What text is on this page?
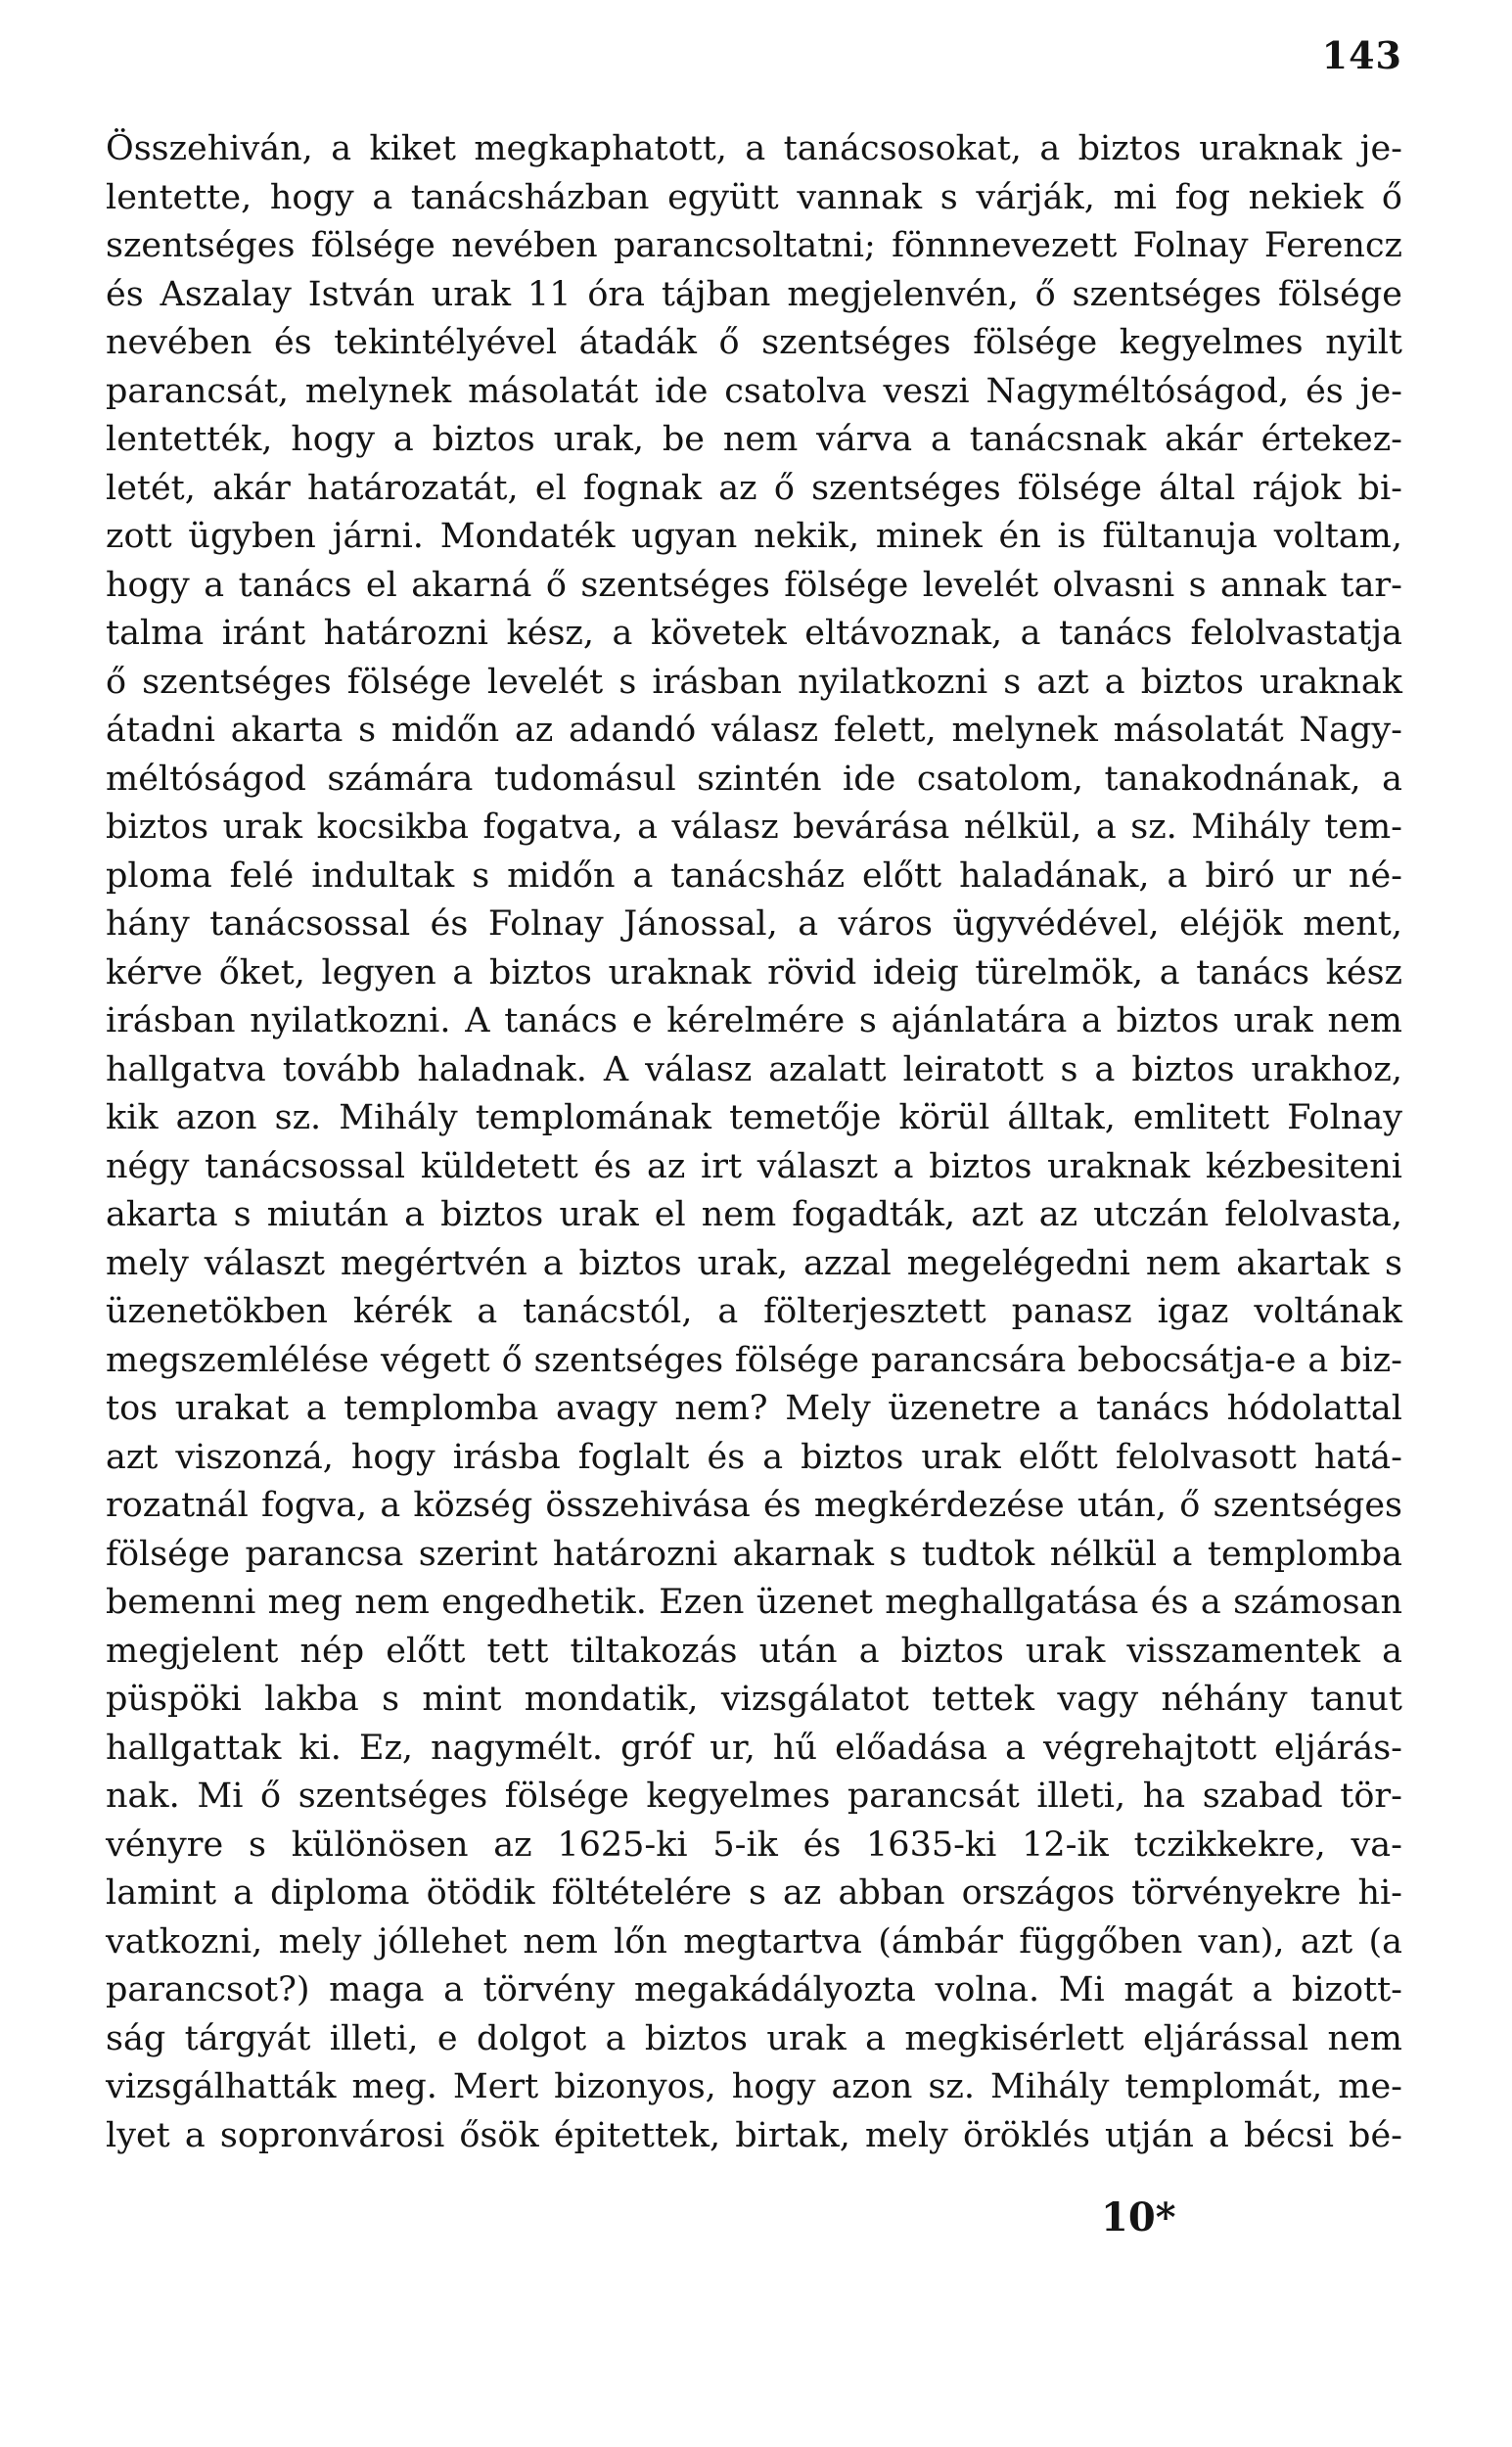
143
Összehiván, a kiket megkaphatott, a tanácsosokat, a biztos uraknak je-
lentette, hogy a tanácsházban együtt vannak s várják, mi fog nekiek ő
szentséges fölsége nevében parancsoltatni; fönnnevezett Folnay Ferencz
és Aszalay István urak 11 óra tájban megjelenvén, ő szentséges fölsége
nevében és tekintélyével átadák ő szentséges fölsége kegyelmes nyilt
parancsát, melynek másolatát ide csatolva veszi Nagyméltóságod, és je-
lentették, hogy a biztos urak, be nem várva a tanácsnak akár értekez-
letét, akár határozatát, el fognak az ő szentséges fölsége által rájok bi-
zott ügyben járni. Mondaték ugyan nekik, minek én is fültanuja voltam,
hogy a tanács el akarná ő szentséges fölsége levelét olvasni s annak tar-
talma iránt határozni kész, a követek eltávoznak, a tanács felolvastatja
ő szentséges fölsége levelét s irásban nyilatkozni s azt a biztos uraknak
átadni akarta s midőn az adandó válasz felett, melynek másolatát Nagy-
méltóságod számára tudomásul szintén ide csatolom, tanakodnának, a
biztos urak kocsikba fogatva, a válasz bevárása nélkül, a sz. Mihály tem-
ploma felé indultak s midőn a tanácsház előtt haladának, a biró ur né-
hány tanácsossal és Folnay Jánossal, a város ügyvédével, eléjök ment,
kérve őket, legyen a biztos uraknak rövid ideig türelmök, a tanács kész
irásban nyilatkozni. A tanács e kérelmére s ajánlatára a biztos urak nem
hallgatva tovább haladnak. A válasz azalatt leiratott s a biztos urakhoz,
kik azon sz. Mihály templomának temetője körül álltak, emlitett Folnay
négy tanácsossal küldetett és az irt választ a biztos uraknak kézbesiteni
akarta s miután a biztos urak el nem fogadták, azt az utczán felolvasta,
mely választ megértvén a biztos urak, azzal megelégedni nem akartak s
üzenetökben kérék a tanácstól, a fölterjesztett panasz igaz voltának
megszemlélése végett ő szentséges fölsége parancsára bebocsátja-e a biz-
tos urakat a templomba avagy nem? Mely üzenetre a tanács hódolattal
azt viszonzá, hogy irásba foglalt és a biztos urak előtt felolvasott hatá-
rozatnál fogva, a község összehivása és megkérdezése után, ő szentséges
fölsége parancsa szerint határozni akarnak s tudtok nélkül a templomba
bemenni meg nem engedhetik. Ezen üzenet meghallgatása és a számosan
megjelent nép előtt tett tiltakozás után a biztos urak visszamentek a
püspöki lakba s mint mondatik, vizsgálatot tettek vagy néhány tanut
hallgattak ki. Ez, nagymélt. gróf ur, hű előadása a végrehajtott eljárás-
nak. Mi ő szentséges fölsége kegyelmes parancsát illeti, ha szabad tör-
vényre s különösen az 1625-ki 5-ik és 1635-ki 12-ik tczikkekre, va-
lamint a diploma ötödik föltételére s az abban országos törvényekre hi-
vatkozni, mely jóllehet nem lőn megtartva (ámbár függőben van), azt (a
parancsot?) maga a törvény megakádályozta volna. Mi magát a bizott-
ság tárgyát illeti, e dolgot a biztos urak a megkisérlett eljárással nem
vizsgálhatták meg. Mert bizonyos, hogy azon sz. Mihály templomát, me-
lyet a sopronvárosi ősök épitettek, birtak, mely öröklés utján a bécsi bé-
10*
